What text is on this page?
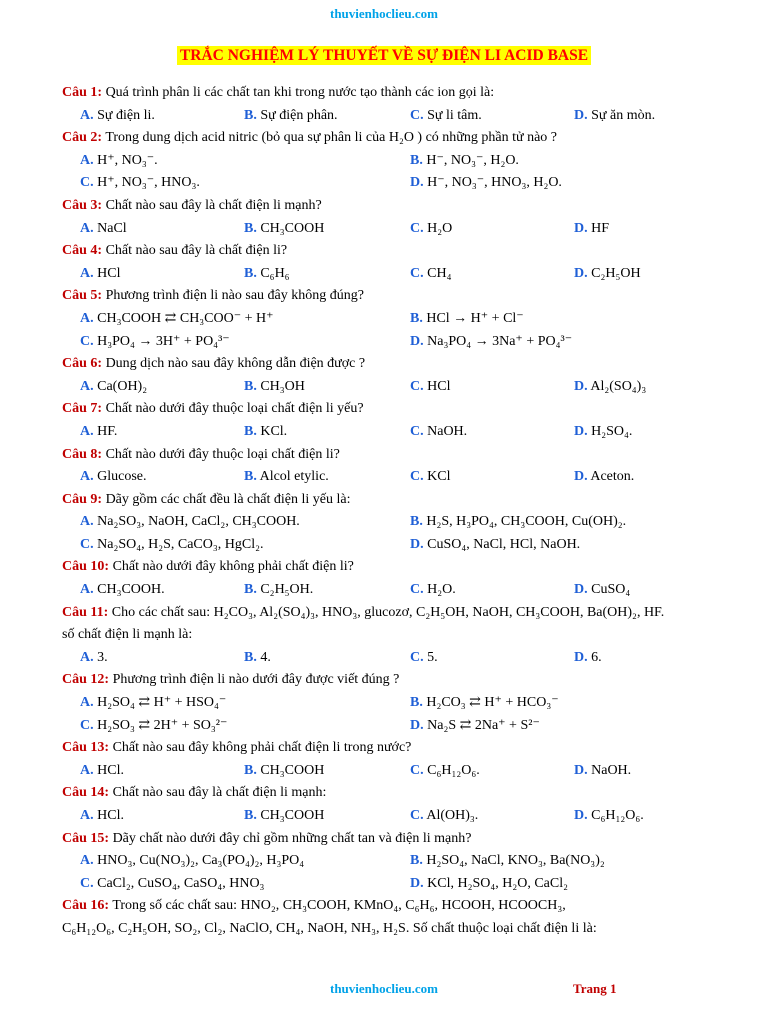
thuvienhoclieu.com
TRẮC NGHIỆM LÝ THUYẾT VỀ SỰ ĐIỆN LI ACID BASE
Câu 1: Quá trình phân li các chất tan khi trong nước tạo thành các ion gọi là:
A. Sự điện li.	B. Sự điện phân.	C. Sự li tâm.	D. Sự ăn mòn.
Câu 2: Trong dung dịch acid nitric (bỏ qua sự phân li của H₂O ) có những phần tử nào ?
A. H⁺, NO₃⁻.	B. H⁻, NO₃⁻, H₂O.
C. H⁺, NO₃⁻, HNO₃.	D. H⁻, NO₃⁻, HNO₃, H₂O.
Câu 3: Chất nào sau đây là chất điện li mạnh?
A. NaCl	B. CH₃COOH	C. H₂O	D. HF
Câu 4: Chất nào sau đây là chất điện li?
A. HCl	B. C₆H₆	C. CH₄	D. C₂H₅OH
Câu 5: Phương trình điện li nào sau đây không đúng?
A. CH₃COOH ⇄ CH₃COO⁻ + H⁺	B. HCl → H⁺ + Cl⁻
C. H₃PO₄ → 3H⁺ + PO₄³⁻	D. Na₃PO₄ → 3Na⁺ + PO₄³⁻
Câu 6: Dung dịch nào sau đây không dẫn điện được ?
A. Ca(OH)₂	B. CH₃OH	C. HCl	D. Al₂(SO₄)₃
Câu 7: Chất nào dưới đây thuộc loại chất điện li yếu?
A. HF.	B. KCl.	C. NaOH.	D. H₂SO₄.
Câu 8: Chất nào dưới đây thuộc loại chất điện li?
A. Glucose.	B. Alcol etylic.	C. KCl	D. Aceton.
Câu 9: Dãy gồm các chất đều là chất điện li yếu là:
A. Na₂SO₃, NaOH, CaCl₂, CH₃COOH.	B. H₂S, H₃PO₄, CH₃COOH, Cu(OH)₂.
C. Na₂SO₄, H₂S, CaCO₃, HgCl₂.	D. CuSO₄, NaCl, HCl, NaOH.
Câu 10: Chất nào dưới đây không phải chất điện li?
A. CH₃COOH.	B. C₂H₅OH.	C. H₂O.	D. CuSO₄
Câu 11: Cho các chất sau: H₂CO₃, Al₂(SO₄)₃, HNO₃, glucozơ, C₂H₅OH, NaOH, CH₃COOH, Ba(OH)₂, HF.
số chất điện li mạnh là:
A. 3.	B. 4.	C. 5.	D. 6.
Câu 12: Phương trình điện li nào dưới đây được viết đúng ?
A. H₂SO₄ ⇄ H⁺ + HSO₄⁻	B. H₂CO₃ ⇄ H⁺ + HCO₃⁻
C. H₂SO₃ ⇄ 2H⁺ + SO₃²⁻	D. Na₂S ⇄ 2Na⁺ + S²⁻
Câu 13: Chất nào sau đây không phải chất điện li trong nước?
A. HCl.	B. CH₃COOH	C. C₆H₁₂O₆.	D. NaOH.
Câu 14: Chất nào sau đây là chất điện li mạnh:
A. HCl.	B. CH₃COOH	C. Al(OH)₃.	D. C₆H₁₂O₆.
Câu 15: Dãy chất nào dưới đây chỉ gồm những chất tan và điện li mạnh?
A. HNO₃, Cu(NO₃)₂, Ca₃(PO₄)₂, H₃PO₄	B. H₂SO₄, NaCl, KNO₃, Ba(NO₃)₂
C. CaCl₂, CuSO₄, CaSO₄, HNO₃	D. KCl, H₂SO₄, H₂O, CaCl₂
Câu 16: Trong số các chất sau: HNO₂, CH₃COOH, KMnO₄, C₆H₆, HCOOH, HCOOCH₃,
C₆H₁₂O₆, C₂H₅OH, SO₂, Cl₂, NaClO, CH₄, NaOH, NH₃, H₂S. Số chất thuộc loại chất điện li là:
thuvienhoclieu.com	Trang 1
